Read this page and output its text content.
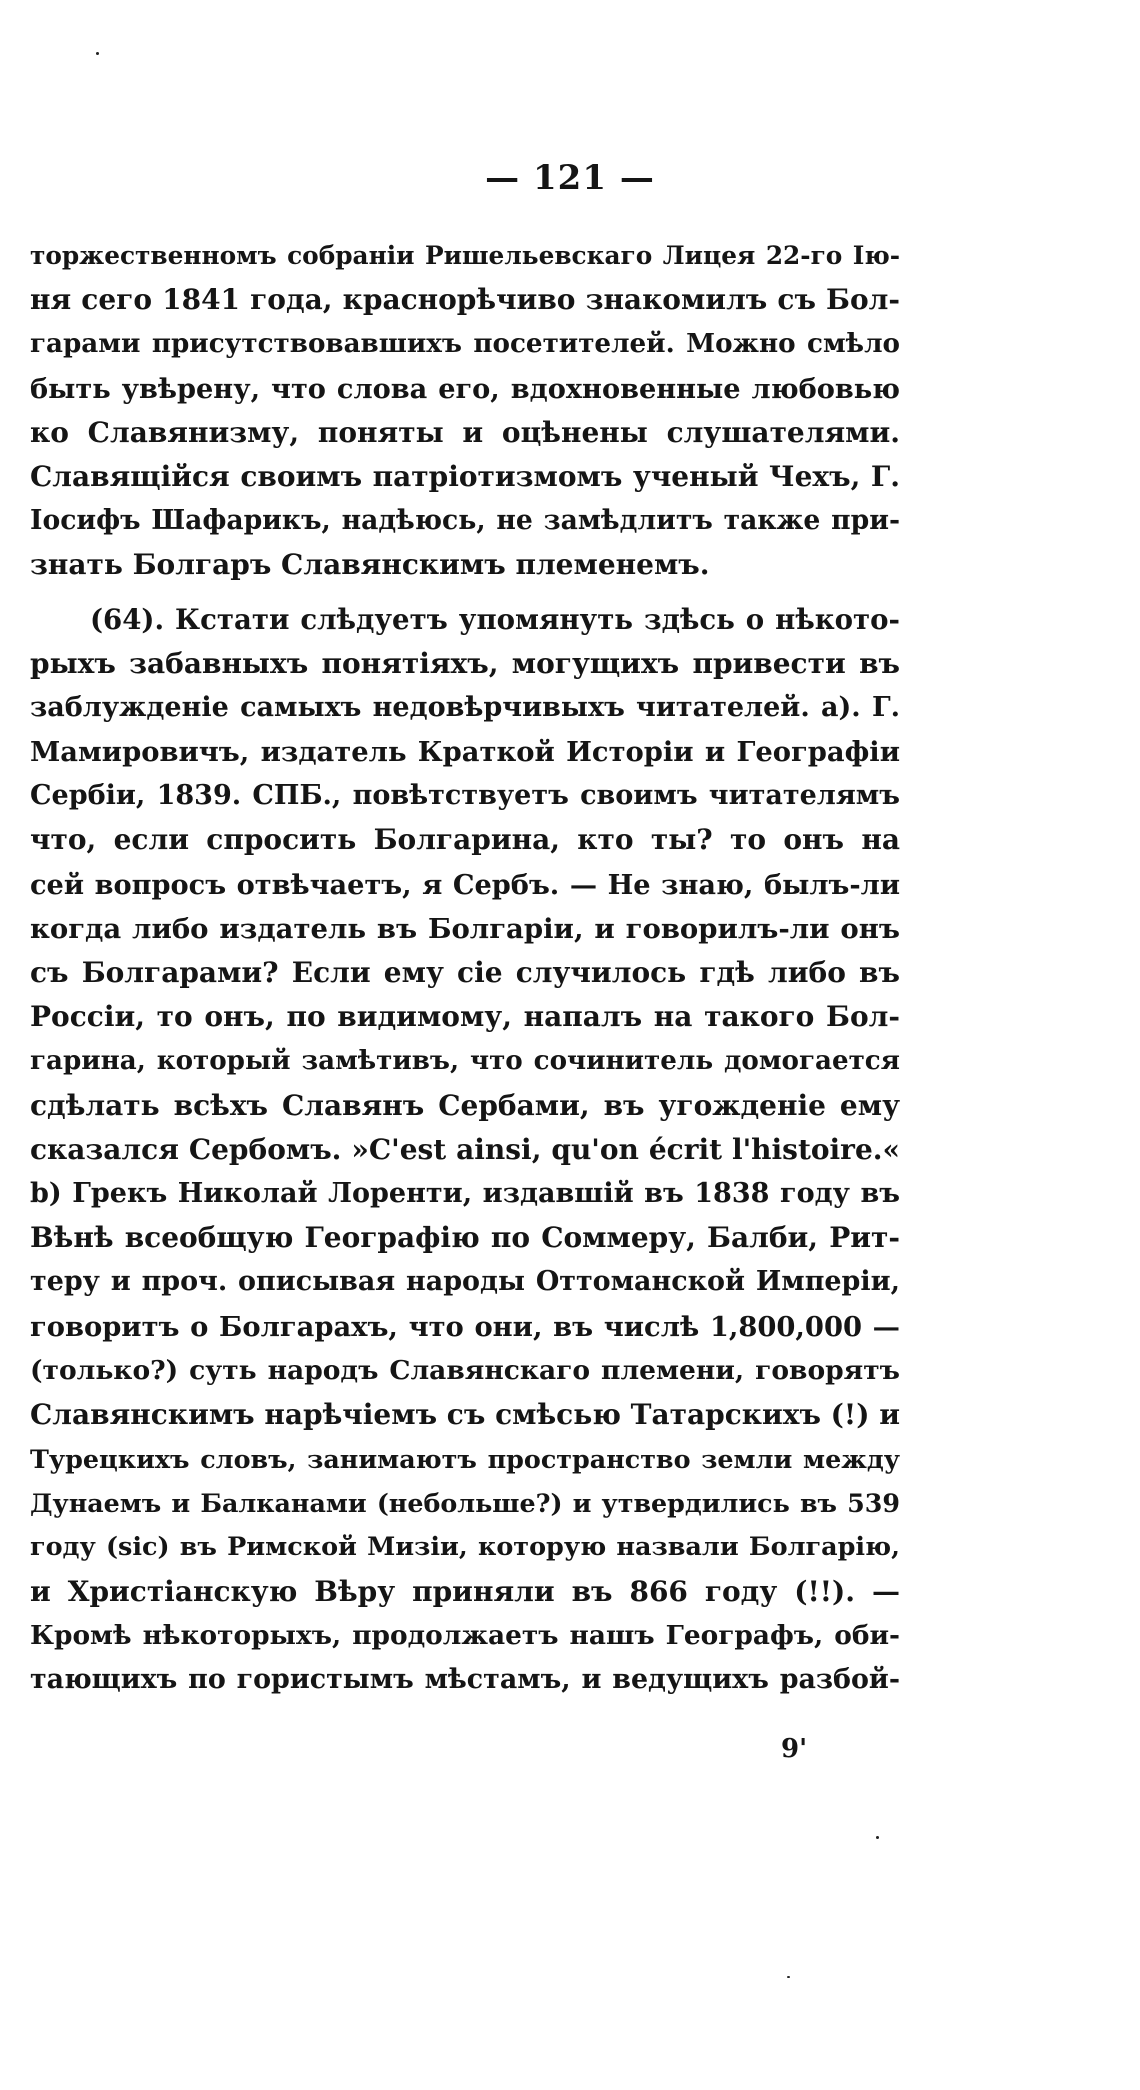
— 121 —
торжественномъ собраніи Ришельевскаго Лицея 22-го Ію-
ня сего 1841 года, краснорѣчиво знакомилъ съ Бол-
гарами присутствовавшихъ посетителей. Можно смѣло
быть увѣрену, что слова его, вдохновенные любовью
ко Славянизму, поняты и оцѣнены слушателями.
Славящійся своимъ патріотизмомъ ученый Чехъ, Г.
Іосифъ Шафарикъ, надѣюсь, не замѣдлитъ также при-
знать Болгаръ Славянскимъ племенемъ.
(64). Кстати слѣдуетъ упомянуть здѣсь о нѣкото-
рыхъ забавныхъ понятіяхъ, могущихъ привести въ
заблужденіе самыхъ недовѣрчивыхъ читателей. а). Г.
Мамировичъ, издатель Краткой Исторіи и Географіи
Сербіи, 1839. СПБ., повѣтствуетъ своимъ читателямъ
что, если спросить Болгарина, кто ты? то онъ на
сей вопросъ отвѣчаетъ, я Сербъ. — Не знаю, былъ-ли
когда либо издатель въ Болгаріи, и говорилъ-ли онъ
съ Болгарами? Если ему сіе случилось гдѣ либо въ
Россіи, то онъ, по видимому, напалъ на такого Бол-
гарина, который замѣтивъ, что сочинитель домогается
сдѣлать всѣхъ Славянъ Сербами, въ угожденіе ему
сказался Сербомъ. »C'est ainsi, qu'on écrit l'histoire.«
b) Грекъ Николай Лоренти, издавшій въ 1838 году въ
Вѣнѣ всеобщую Географію по Соммеру, Балби, Рит-
теру и проч. описывая народы Оттоманской Имперіи,
говоритъ о Болгарахъ, что они, въ числѣ 1,800,000 —
(только?) суть народъ Славянскаго племени, говорятъ
Славянскимъ нарѣчіемъ съ смѣсью Татарскихъ (!) и
Турецкихъ словъ, занимаютъ пространство земли между
Дунаемъ и Балканами (небольше?) и утвердились въ 539
году (sic) въ Римской Мизіи, которую назвали Болгарію,
и Христіанскую Вѣру приняли въ 866 году (!!). —
Кромѣ нѣкоторыхъ, продолжаетъ нашъ Географъ, оби-
тающихъ по гористымъ мѣстамъ, и ведущихъ разбой-
9'
